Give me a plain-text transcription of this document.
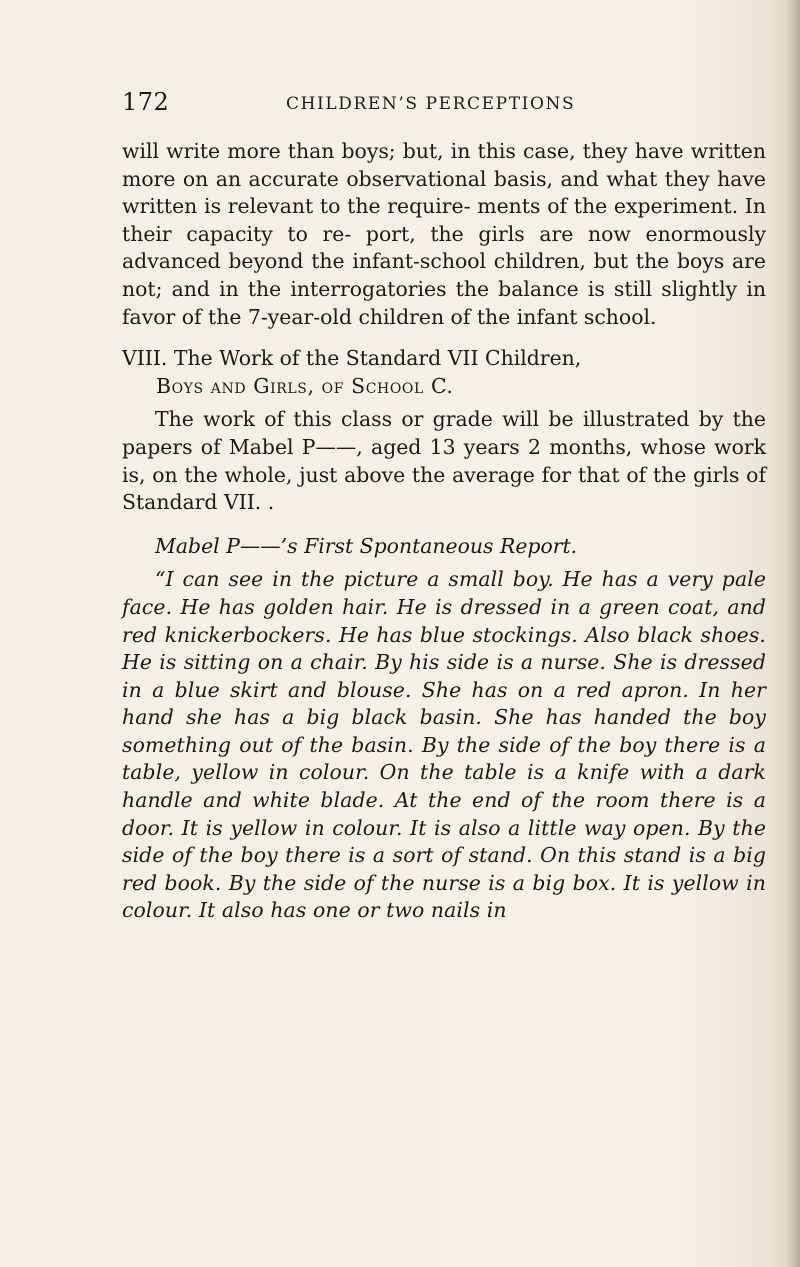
172	CHILDREN’S PERCEPTIONS

will write more than boys; but, in this case, they have written more on an accurate observational basis, and what they have written is relevant to the require- ments of the experiment. In their capacity to re- port, the girls are now enormously advanced beyond the infant-school children, but the boys are not; and in the interrogatories the balance is still slightly in favor of the 7-year-old children of the infant school.

VIII. The Work of the Standard VII Children,
Boys and Girls, of School C.

The work of this class or grade will be illustrated by the papers of Mabel P——, aged 13 years 2 months, whose work is, on the whole, just above the average for that of the girls of Standard VII. .

Mabel P——’s First Spontaneous Report.

“I can see in the picture a small boy. He has a very pale face. He has golden hair. He is dressed in a green coat, and red knickerbockers. He has blue stockings. Also black shoes. He is sitting on a chair. By his side is a nurse. She is dressed in a blue skirt and blouse. She has on a red apron. In her hand she has a big black basin. She has handed the boy something out of the basin. By the side of the boy there is a table, yellow in colour. On the table is a knife with a dark handle and white blade. At the end of the room there is a door. It is yellow in colour. It is also a little way open. By the side of the boy there is a sort of stand. On this stand is a big red book. By the side of the nurse is a big box. It is yellow in colour. It also has one or two nails in
